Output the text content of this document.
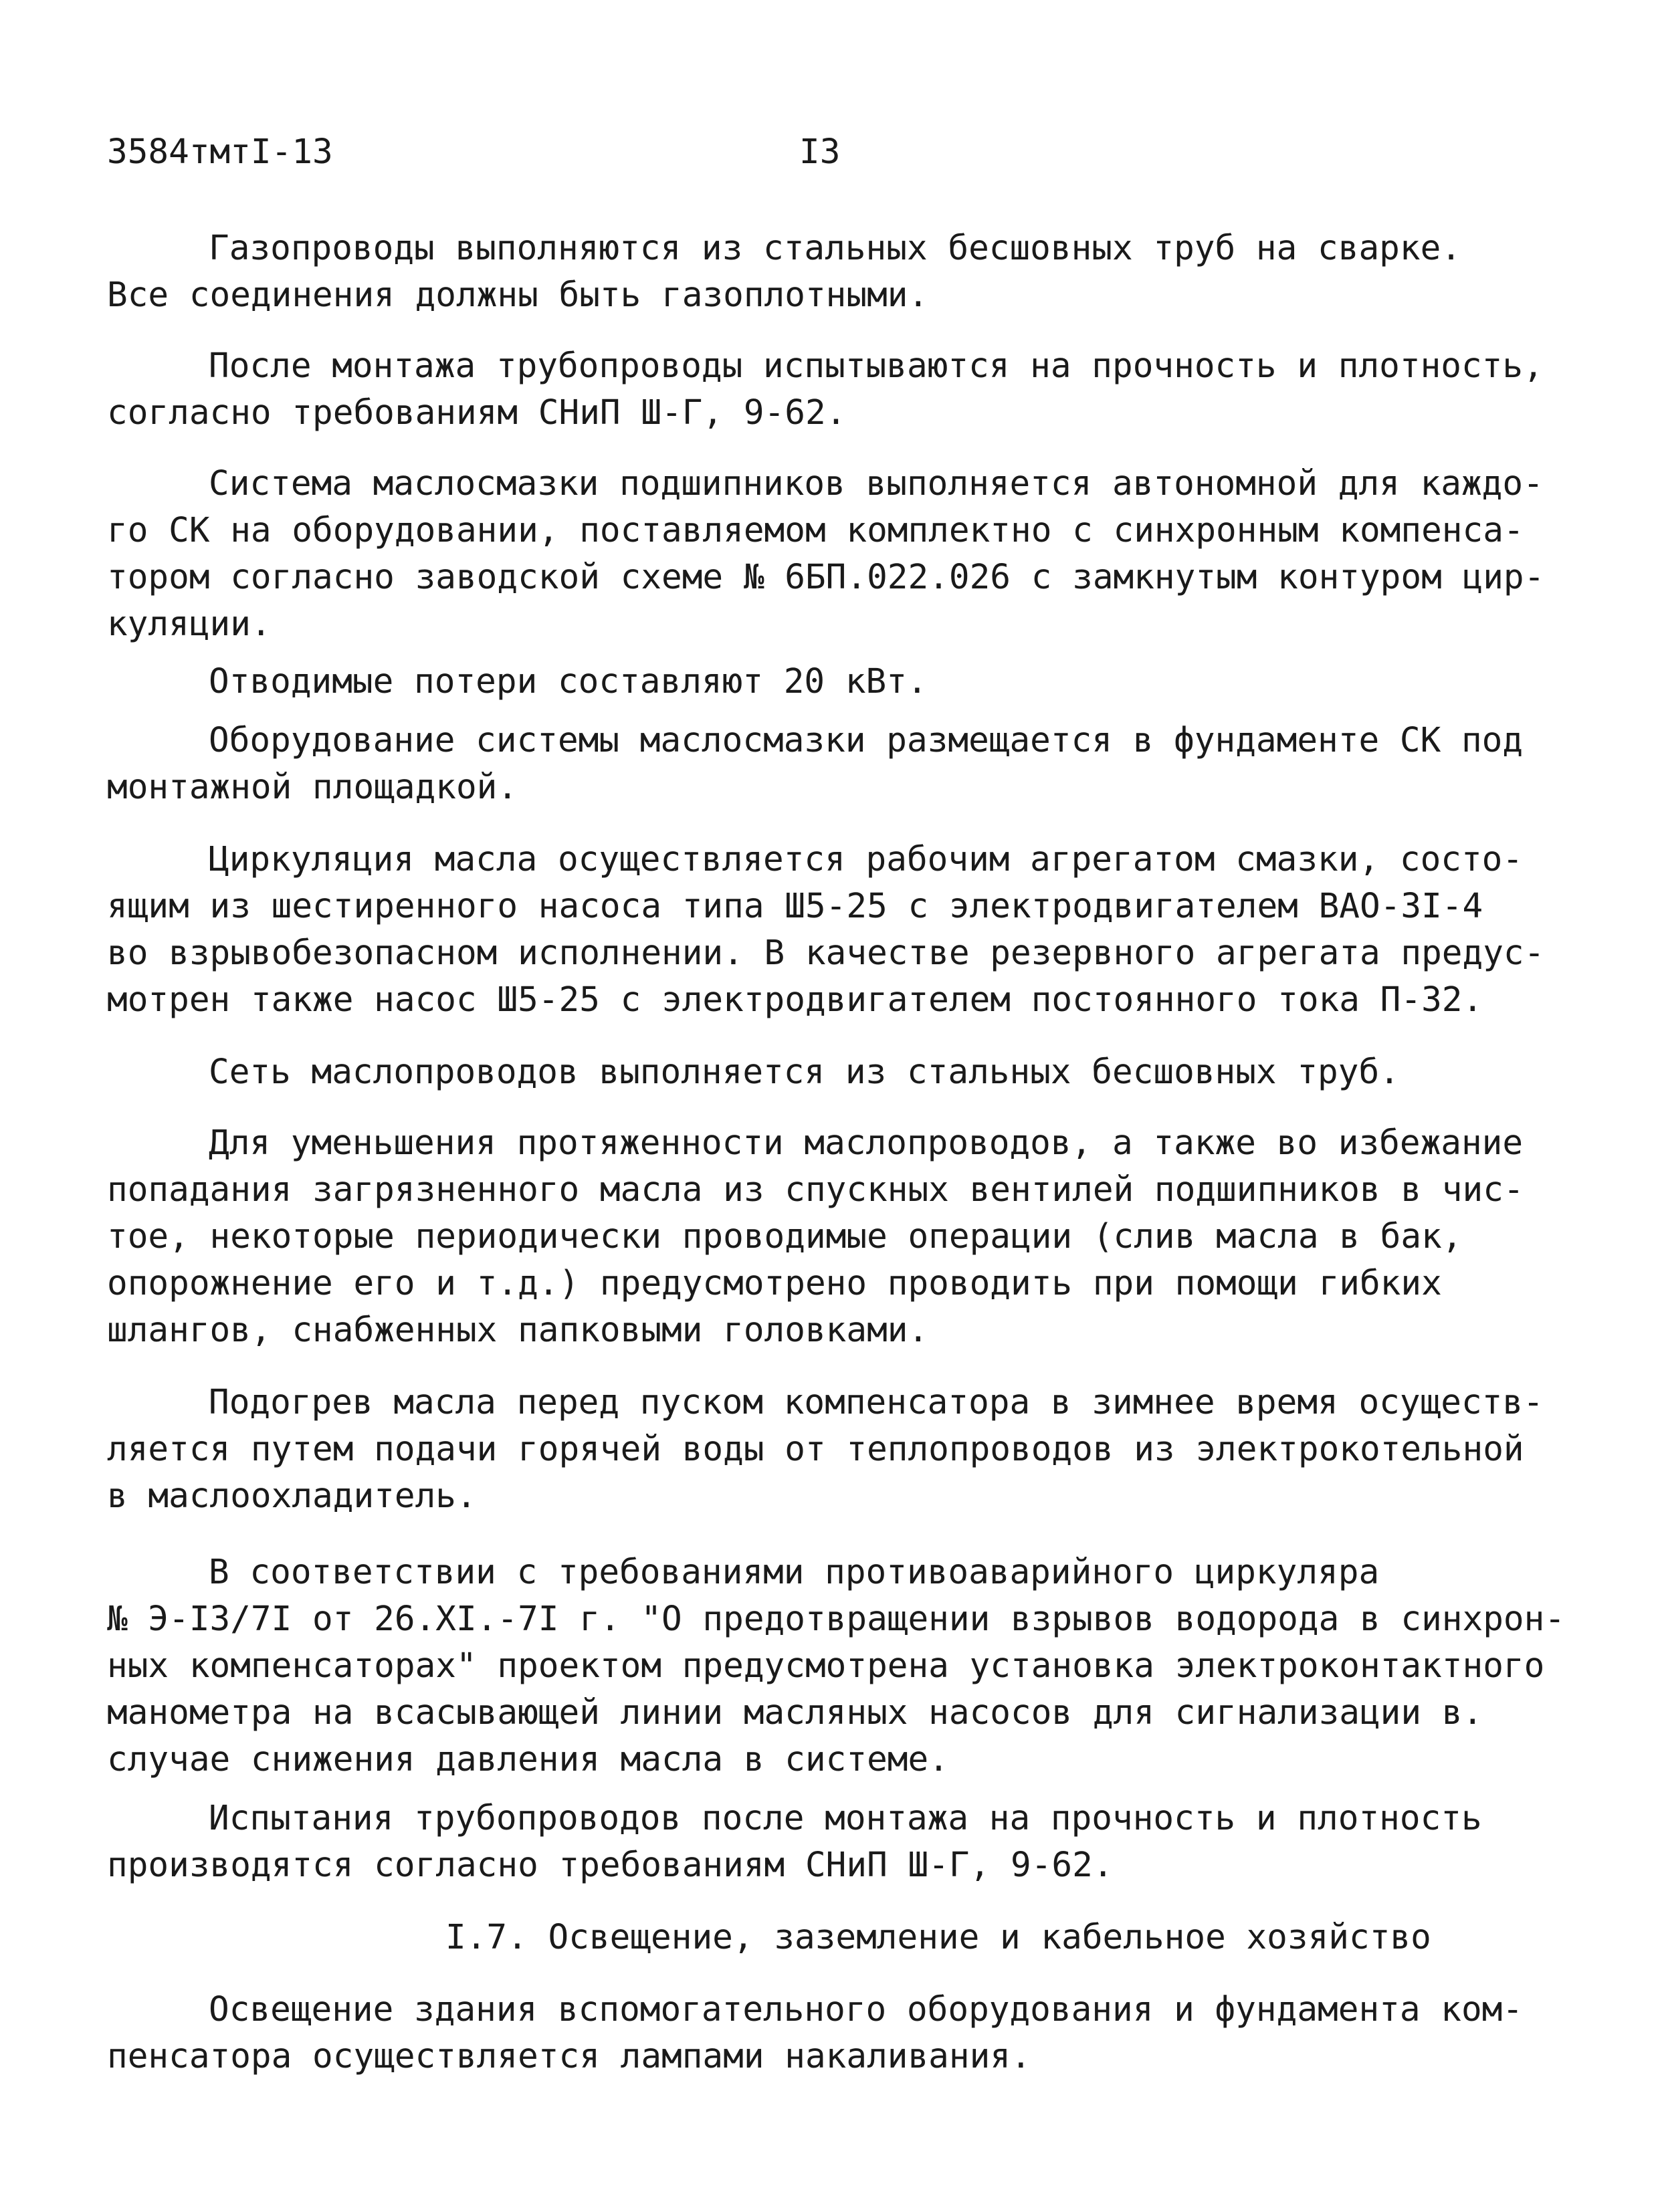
3584тмтI-13	I3
Газопроводы выполняются из стальных бесшовных труб на сварке.
Все соединения должны быть газоплотными.
После монтажа трубопроводы испытываются на прочность и плотность,
согласно требованиям СНиП Ш-Г, 9-62.
Система маслосмазки подшипников выполняется автономной для каждо-
го СК на оборудовании, поставляемом комплектно с синхронным компенса-
тором согласно заводской схеме № 6БП.022.026 с замкнутым контуром цир-
куляции.
Отводимые потери составляют 20 кВт.
Оборудование системы маслосмазки размещается в фундаменте СК под
монтажной площадкой.
Циркуляция масла осуществляется рабочим агрегатом смазки, состо-
ящим из шестиренного насоса типа Ш5-25 с электродвигателем ВАО-3I-4
во взрывобезопасном исполнении. В качестве резервного агрегата предус-
мотрен также насос Ш5-25 с электродвигателем постоянного тока П-32.
Сеть маслопроводов выполняется из стальных бесшовных труб.
Для уменьшения протяженности маслопроводов, а также во избежание
попадания загрязненного масла из спускных вентилей подшипников в чис-
тое, некоторые периодически проводимые операции (слив масла в бак,
опорожнение его и т.д.) предусмотрено проводить при помощи гибких
шлангов, снабженных папковыми головками.
Подогрев масла перед пуском компенсатора в зимнее время осуществ-
ляется путем подачи горячей воды от теплопроводов из электрокотельной
в маслоохладитель.
В соответствии с требованиями противоаварийного циркуляра
№ Э-I3/7I от 26.XI.-7I г. "О предотвращении взрывов водорода в синхрон-
ных компенсаторах" проектом предусмотрена установка электроконтактного
манометра на всасывающей линии масляных насосов для сигнализации в.
случае снижения давления масла в системе.
Испытания трубопроводов после монтажа на прочность и плотность
производятся согласно требованиям СНиП Ш-Г, 9-62.
I.7. Освещение, заземление и кабельное хозяйство
Освещение здания вспомогательного оборудования и фундамента ком-
пенсатора осуществляется лампами накаливания.
